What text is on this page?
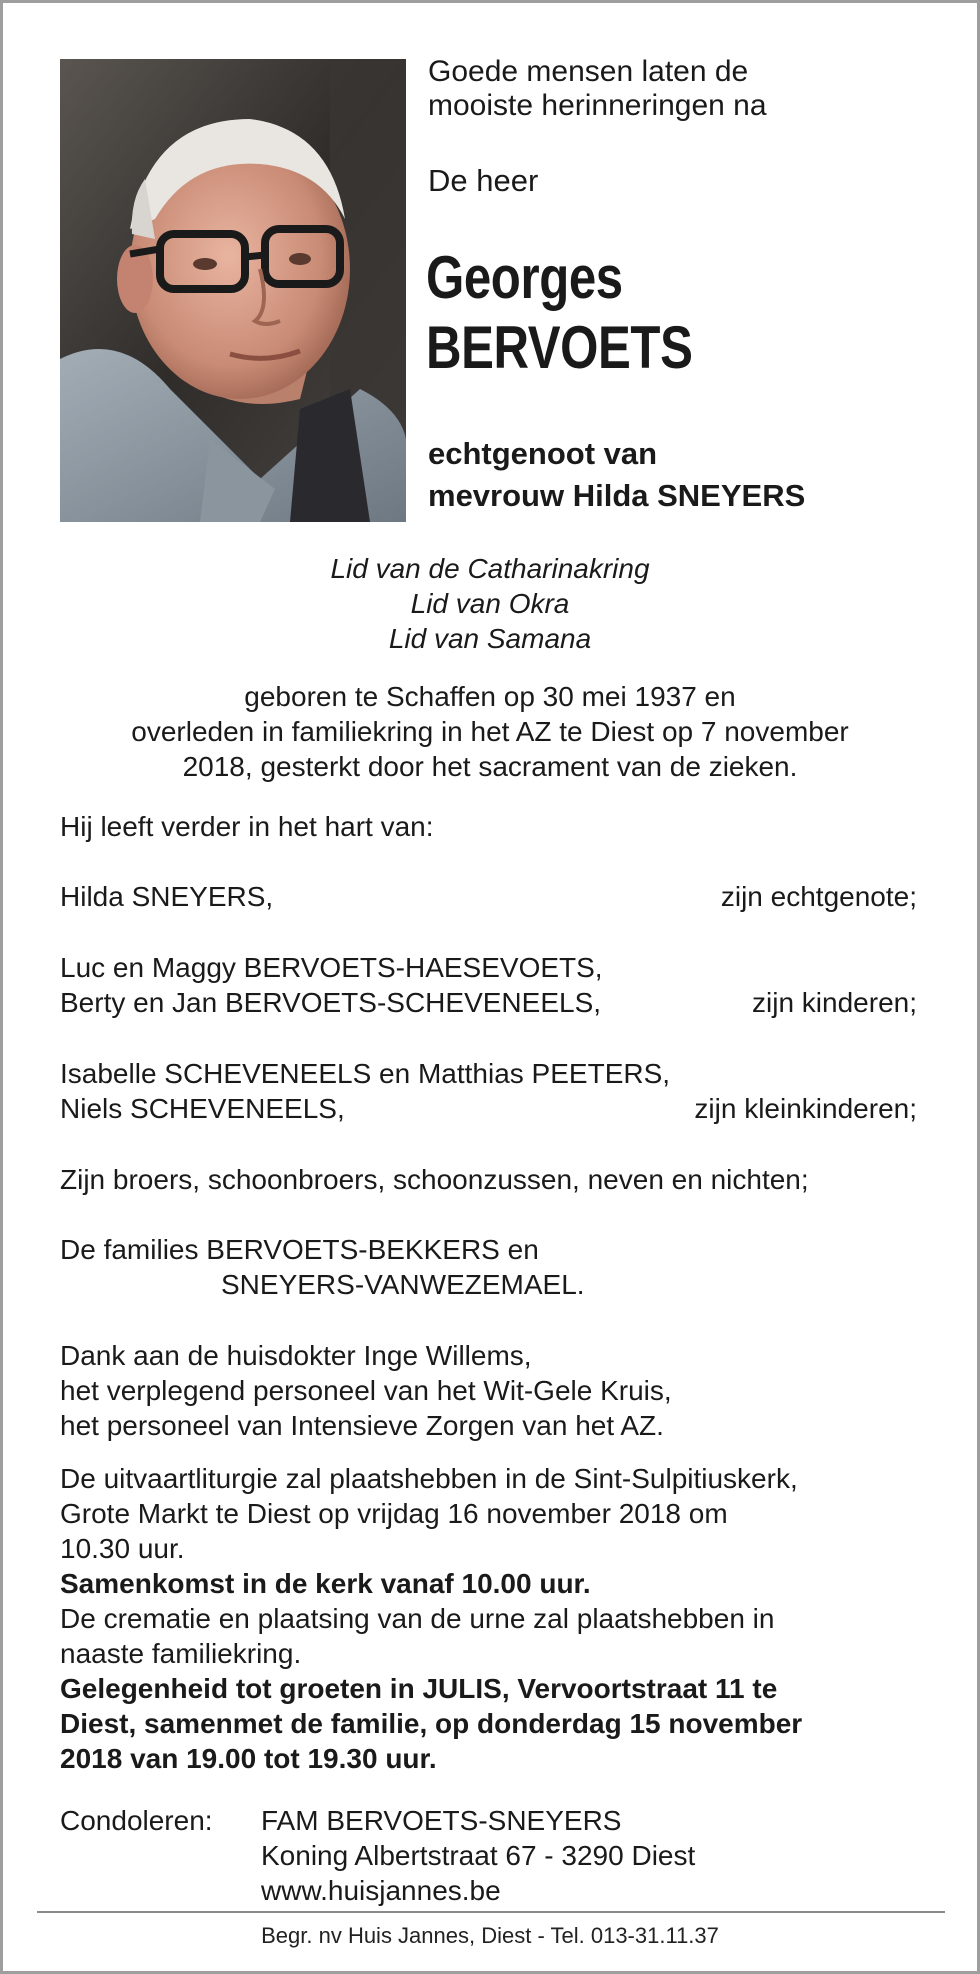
Goede mensen laten de
mooiste herinneringen na
De heer
Georges
BERVOETS
echtgenoot van
mevrouw Hilda SNEYERS
Lid van de Catharinakring
Lid van Okra
Lid van Samana
geboren te Schaffen op 30 mei 1937 en
overleden in familiekring in het AZ te Diest op 7 november
2018, gesterkt door het sacrament van de zieken.
Hij leeft verder in het hart van:
Hilda SNEYERS,	zijn echtgenote;
Luc en Maggy BERVOETS-HAESEVOETS,
Berty en Jan BERVOETS-SCHEVENEELS,	zijn kinderen;
Isabelle SCHEVENEELS en Matthias PEETERS,
Niels SCHEVENEELS,	zijn kleinkinderen;
Zijn broers, schoonbroers, schoonzussen, neven en nichten;
De families BERVOETS-BEKKERS en
SNEYERS-VANWEZEMAEL.
Dank aan de huisdokter Inge Willems,
het verplegend personeel van het Wit-Gele Kruis,
het personeel van Intensieve Zorgen van het AZ.
De uitvaartliturgie zal plaatshebben in de Sint-Sulpitiuskerk,
Grote Markt te Diest op vrijdag 16 november 2018 om
10.30 uur.
Samenkomst in de kerk vanaf 10.00 uur.
De crematie en plaatsing van de urne zal plaatshebben in
naaste familiekring.
Gelegenheid tot groeten in JULIS, Vervoortstraat 11 te
Diest, samenmet de familie, op donderdag 15 november
2018 van 19.00 tot 19.30 uur.
Condoleren: FAM BERVOETS-SNEYERS
Koning Albertstraat 67 - 3290 Diest
www.huisjannes.be
Begr. nv Huis Jannes, Diest - Tel. 013-31.11.37
